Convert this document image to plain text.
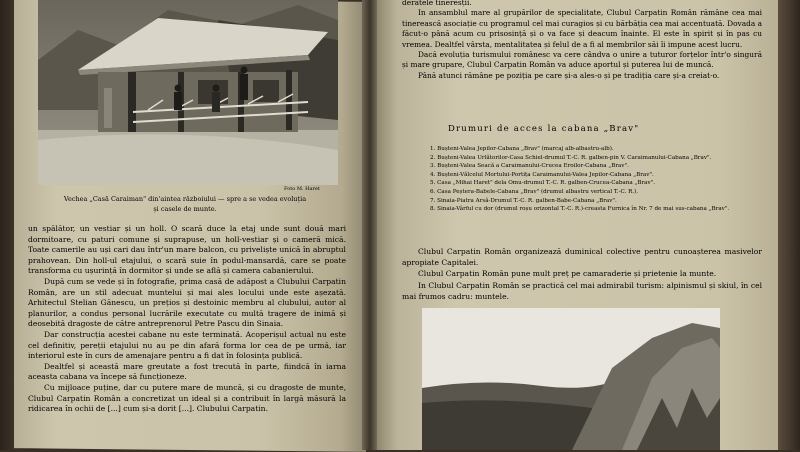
Foto M. Haret
Vechea „Casă Caraiman" din'aintea războiului — spre a se vedea evoluția
și casele de munte.

un spălător, un vestiar și un holl. O scară duce la etaj unde sunt două mari dormitoare, cu paturi comune și suprapuse, un holl-vestiar și o cameră mică. Toate camerile au uși cari dau într'un mare balcon, cu priveliște unică în abruptul prahovean. Din holl-ul etajului, o scară suie în podul-mansardă, care se poate transforma cu ușurință în dormitor și unde se află și camera cabanierului.

După cum se vede și în fotografie, prima casă de adăpost a Clubului Carpatin Român, are un stil adecuat muntelui și mai ales locului unde este așezată. Arhitectul Stelian Gănescu, un prețios și destoinic membru al clubului, autor al planurilor, a condus personal lucrările executate cu multă tragere de inimă și deosebită dragoste de către antreprenorul Petre Pascu din Sinaia.

Dar construcția acestei cabane nu este terminată. Acoperișul actual nu este cel definitiv, pereții etajului nu au pe din afară forma lor cea de pe urmă, iar interiorul este în curs de amenajare pentru a fi dat în folosința publică.

Dealtfel și această mare greutate a fost trecută în parte, fiindcă în iarna aceasta cabana va începe să funcționeze.

Cu mijloace puține, dar cu putere mare de muncă, și cu dragoste de munte, Clubul Carpatin Român a concretizat un ideal și a contribuit în largă măsură la ridicarea în ochii de [...] cum și-a dorit [...]. Clubului Carpatin.

deratele tineresții.

In ansamblul mare al grupărilor de specialitate, Clubul Carpatin Român rămâne cea mai tinerească asociație cu programul cel mai curagios și cu bărbăția cea mai accentuată. Dovada a făcut-o până acum cu prisosință și o va face și deacum înainte. El este în spirit și în pas cu vremea. Dealtfel vârsta, mentalitatea și felul de a fi al membrilor săi îi impune acest lucru.

Dacă evoluția turismului românesc va cere cândva o unire a tuturor forțelor într'o singură și mare grupare, Clubul Carpatin Român va aduce aportul și puterea lui de muncă.

Până atunci rămâne pe poziția pe care și-a ales-o și pe tradiția care și-a creiat-o.

Drumuri de acces la cabana „Brav"
1. Bușteni-Valea Jepilor-Cabana „Brav" (marcaj alb-albastru-alb).
2. Bușteni-Valea Urlătorilor-Casa Schiel-drumul T.-C. R. galben-pin V. Caraimanului-Cabana „Brav".
3. Bușteni-Valea Seacă a Caraimanului-Crucea Eroilor-Cabana „Brav".
4. Bușteni-Vălcelul Mortului-Portița Caraimanului-Valea Jepilor-Cabana „Brav".
5. Casa „Mihai Haret" dela Omu-drumul T.-C. R. galben-Crucea-Cabana „Brav".
6. Casa Peștera-Babele-Cabana „Brav" (drumul albastru vertical T.-C. R.).
7. Sinaia-Piatra Arsă-Drumul T.-C. R. galben-Babe-Cabana „Brav".
8. Sinaia-Vârful cu dor (drumul roșu orizontal T.-C. R.)-creasta Furnica în Nr. 7 de mai sus-cabana „Brav".

Clubul Carpatin Român organizează duminical colective pentru cunoașterea masivelor apropiate Capitalei.

Clubul Carpatin Român pune mult preț pe camaraderie și prietenie la munte.

In Clubul Carpatin Român se practică cel mai admirabil turism: alpinismul și skiul, în cel mai frumos cadru: muntele.
